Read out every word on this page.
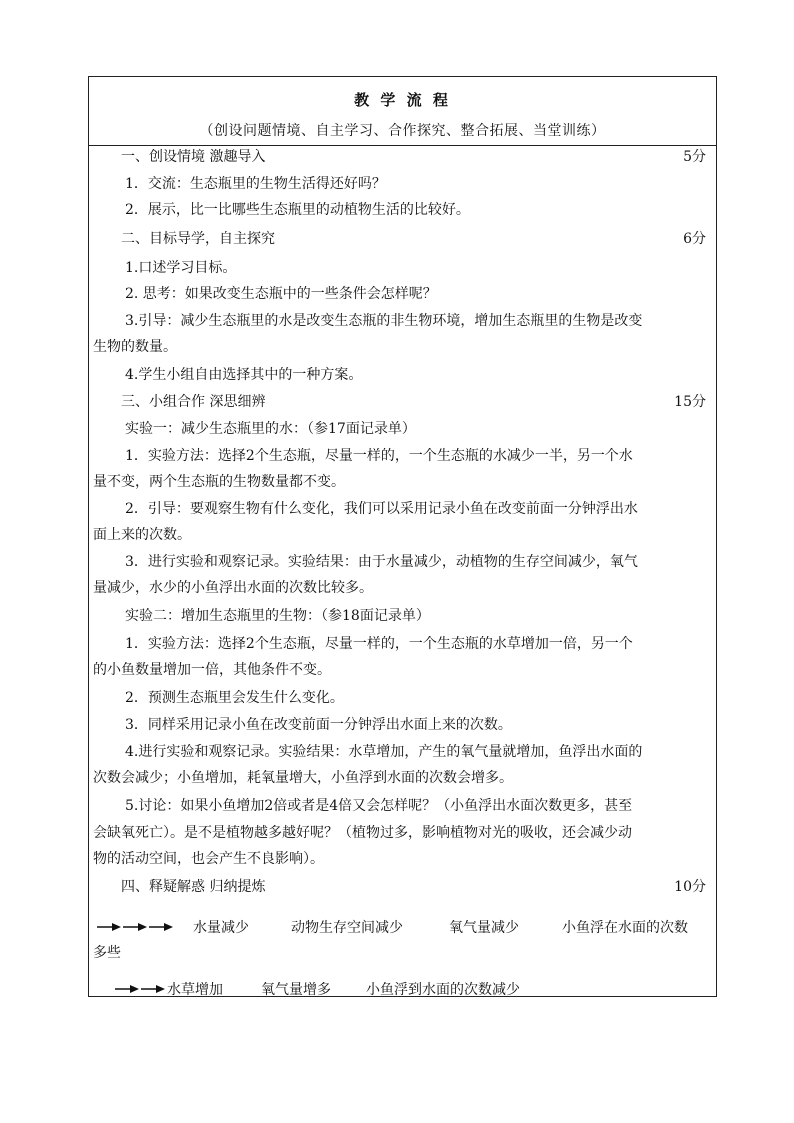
教 学 流 程
（创设问题情境、自主学习、合作探究、整合拓展、当堂训练）
一、创设情境 激趣导入	5分
1．交流：生态瓶里的生物生活得还好吗？
2．展示，比一比哪些生态瓶里的动植物生活的比较好。
二、目标导学，自主探究	6分
1.口述学习目标。
2. 思考：如果改变生态瓶中的一些条件会怎样呢？
3.引导：减少生态瓶里的水是改变生态瓶的非生物环境，增加生态瓶里的生物是改变
生物的数量。
4.学生小组自由选择其中的一种方案。
三、小组合作 深思细辨	15分
实验一：减少生态瓶里的水：（参17面记录单）
1．实验方法：选择2个生态瓶，尽量一样的，一个生态瓶的水减少一半，另一个水
量不变，两个生态瓶的生物数量都不变。
2．引导：要观察生物有什么变化，我们可以采用记录小鱼在改变前面一分钟浮出水
面上来的次数。
3．进行实验和观察记录。实验结果：由于水量减少，动植物的生存空间减少，氧气
量减少，水少的小鱼浮出水面的次数比较多。
实验二：增加生态瓶里的生物：（参18面记录单）
1．实验方法：选择2个生态瓶，尽量一样的，一个生态瓶的水草增加一倍，另一个
的小鱼数量增加一倍，其他条件不变。
2．预测生态瓶里会发生什么变化。
3．同样采用记录小鱼在改变前面一分钟浮出水面上来的次数。
4.进行实验和观察记录。实验结果：水草增加，产生的氧气量就增加，鱼浮出水面的
次数会减少；小鱼增加，耗氧量增大，小鱼浮到水面的次数会增多。
5.讨论：如果小鱼增加2倍或者是4倍又会怎样呢？（小鱼浮出水面次数更多，甚至
会缺氧死亡）。是不是植物越多越好呢？（植物过多，影响植物对光的吸收，还会减少动
物的活动空间，也会产生不良影响）。
四、释疑解惑 归纳提炼	10分
水量减少	动物生存空间减少	氧气量减少	小鱼浮在水面的次数
多些
水草增加	氧气量增多	小鱼浮到水面的次数减少
